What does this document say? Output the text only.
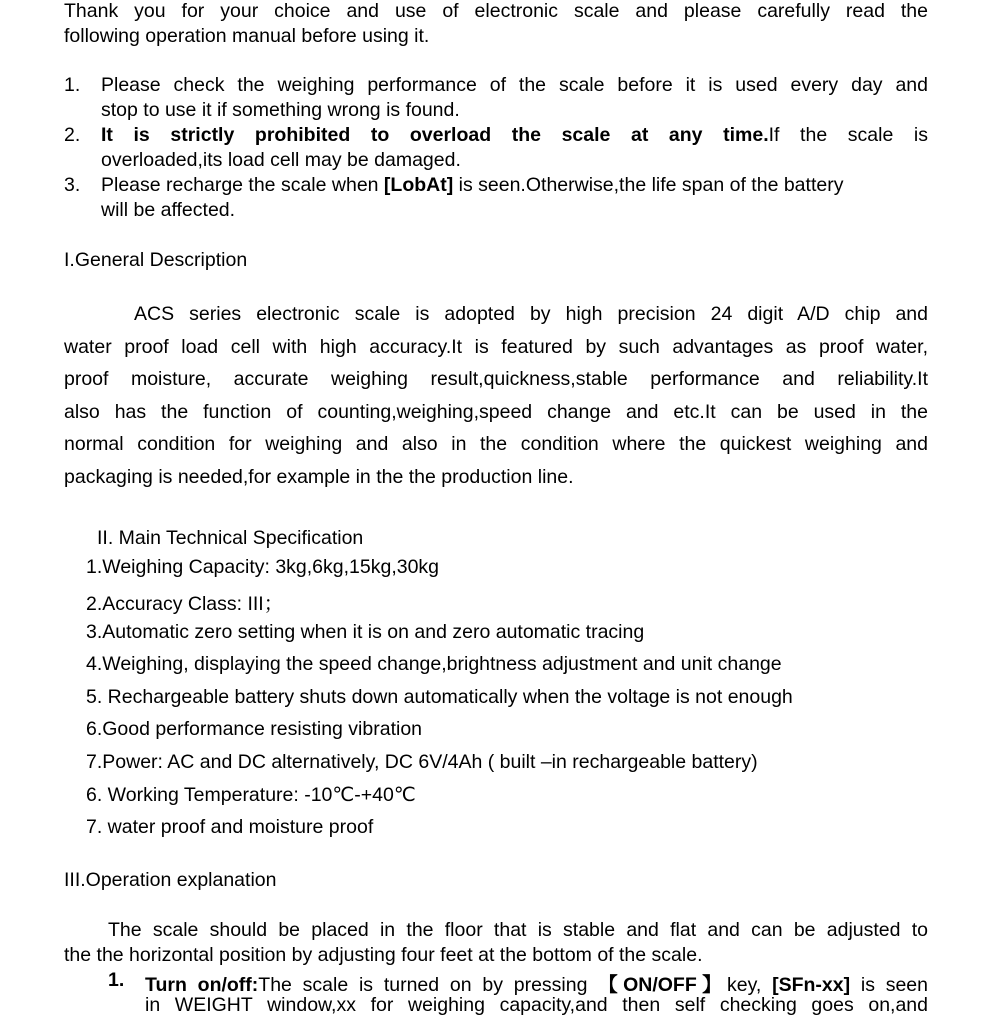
Thank you for your choice and use of electronic scale and please carefully read the
following operation manual before using it.
1. Please check the weighing performance of the scale before it is used every day and
stop to use it if something wrong is found.
2. It is strictly prohibited to overload the scale at any time.If the scale is
overloaded,its load cell may be damaged.
3. Please recharge the scale when [LobAt] is seen.Otherwise,the life span of the battery
will be affected.
I.General Description
ACS series electronic scale is adopted by high precision 24 digit A/D chip and
water proof load cell with high accuracy.It is featured by such advantages as proof water,
proof moisture, accurate weighing result,quickness,stable performance and reliability.It
also has the function of counting,weighing,speed change and etc.It can be used in the
normal condition for weighing and also in the condition where the quickest weighing and
packaging is needed,for example in the the production line.
II. Main Technical Specification
1.Weighing Capacity: 3kg,6kg,15kg,30kg
2.Accuracy Class: III；
3.Automatic zero setting when it is on and zero automatic tracing
4.Weighing, displaying the speed change,brightness adjustment and unit change
5. Rechargeable battery shuts down automatically when the voltage is not enough
6.Good performance resisting vibration
7.Power: AC and DC alternatively, DC 6V/4Ah ( built –in rechargeable battery)
6. Working Temperature: -10℃-+40℃
7. water proof and moisture proof
III.Operation explanation
The scale should be placed in the floor that is stable and flat and can be adjusted to
the the horizontal position by adjusting four feet at the bottom of the scale.
1. Turn on/off:The scale is turned on by pressing 【ON/OFF】key, [SFn-xx] is seen
in WEIGHT window,xx for weighing capacity,and then self checking goes on,and
